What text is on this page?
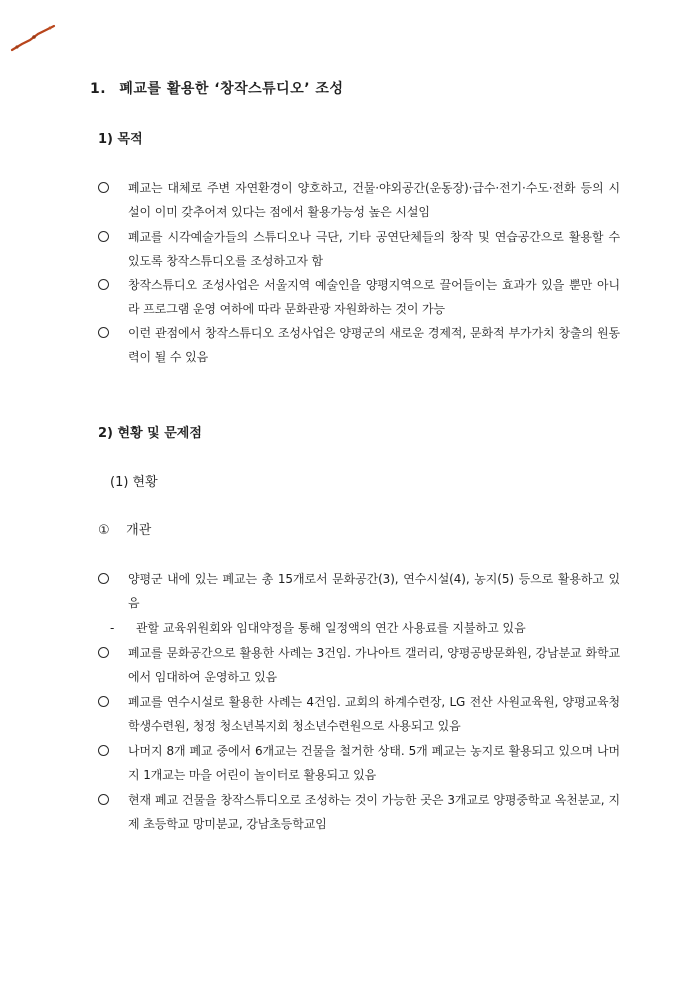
1. 폐교를 활용한 ‘창작스튜디오’ 조성
1) 목적
폐교는 대체로 주변 자연환경이 양호하고, 건물·야외공간(운동장)·급수·전기·수도·전화 등의 시설이 이미 갖추어져 있다는 점에서 활용가능성 높은 시설임
폐교를 시각예술가들의 스튜디오나 극단, 기타 공연단체들의 창작 및 연습공간으로 활용할 수 있도록 창작스튜디오를 조성하고자 함
창작스튜디오 조성사업은 서울지역 예술인을 양평지역으로 끌어들이는 효과가 있을 뿐만 아니라 프로그램 운영 여하에 따라 문화관광 자원화하는 것이 가능
이런 관점에서 창작스튜디오 조성사업은 양평군의 새로운 경제적, 문화적 부가가치 창출의 원동력이 될 수 있음
2) 현황 및 문제점
(1) 현황
① 개관
양평군 내에 있는 폐교는 총 15개로서 문화공간(3), 연수시설(4), 농지(5) 등으로 활용하고 있음
- 관할 교육위원회와 임대약정을 통해 일정액의 연간 사용료를 지불하고 있음
폐교를 문화공간으로 활용한 사례는 3건임. 가나아트 갤러리, 양평공방문화원, 강남분교 화학교에서 임대하여 운영하고 있음
폐교를 연수시설로 활용한 사례는 4건임. 교회의 하계수련장, LG 전산 사원교육원, 양평교육청 학생수련원, 청정 청소년복지회 청소년수련원으로 사용되고 있음
나머지 8개 폐교 중에서 6개교는 건물을 철거한 상태. 5개 폐교는 농지로 활용되고 있으며 나머지 1개교는 마을 어린이 놀이터로 활용되고 있음
현재 폐교 건물을 창작스튜디오로 조성하는 것이 가능한 곳은 3개교로 양평중학교 옥천분교, 지제 초등학교 망미분교, 강남초등학교임
